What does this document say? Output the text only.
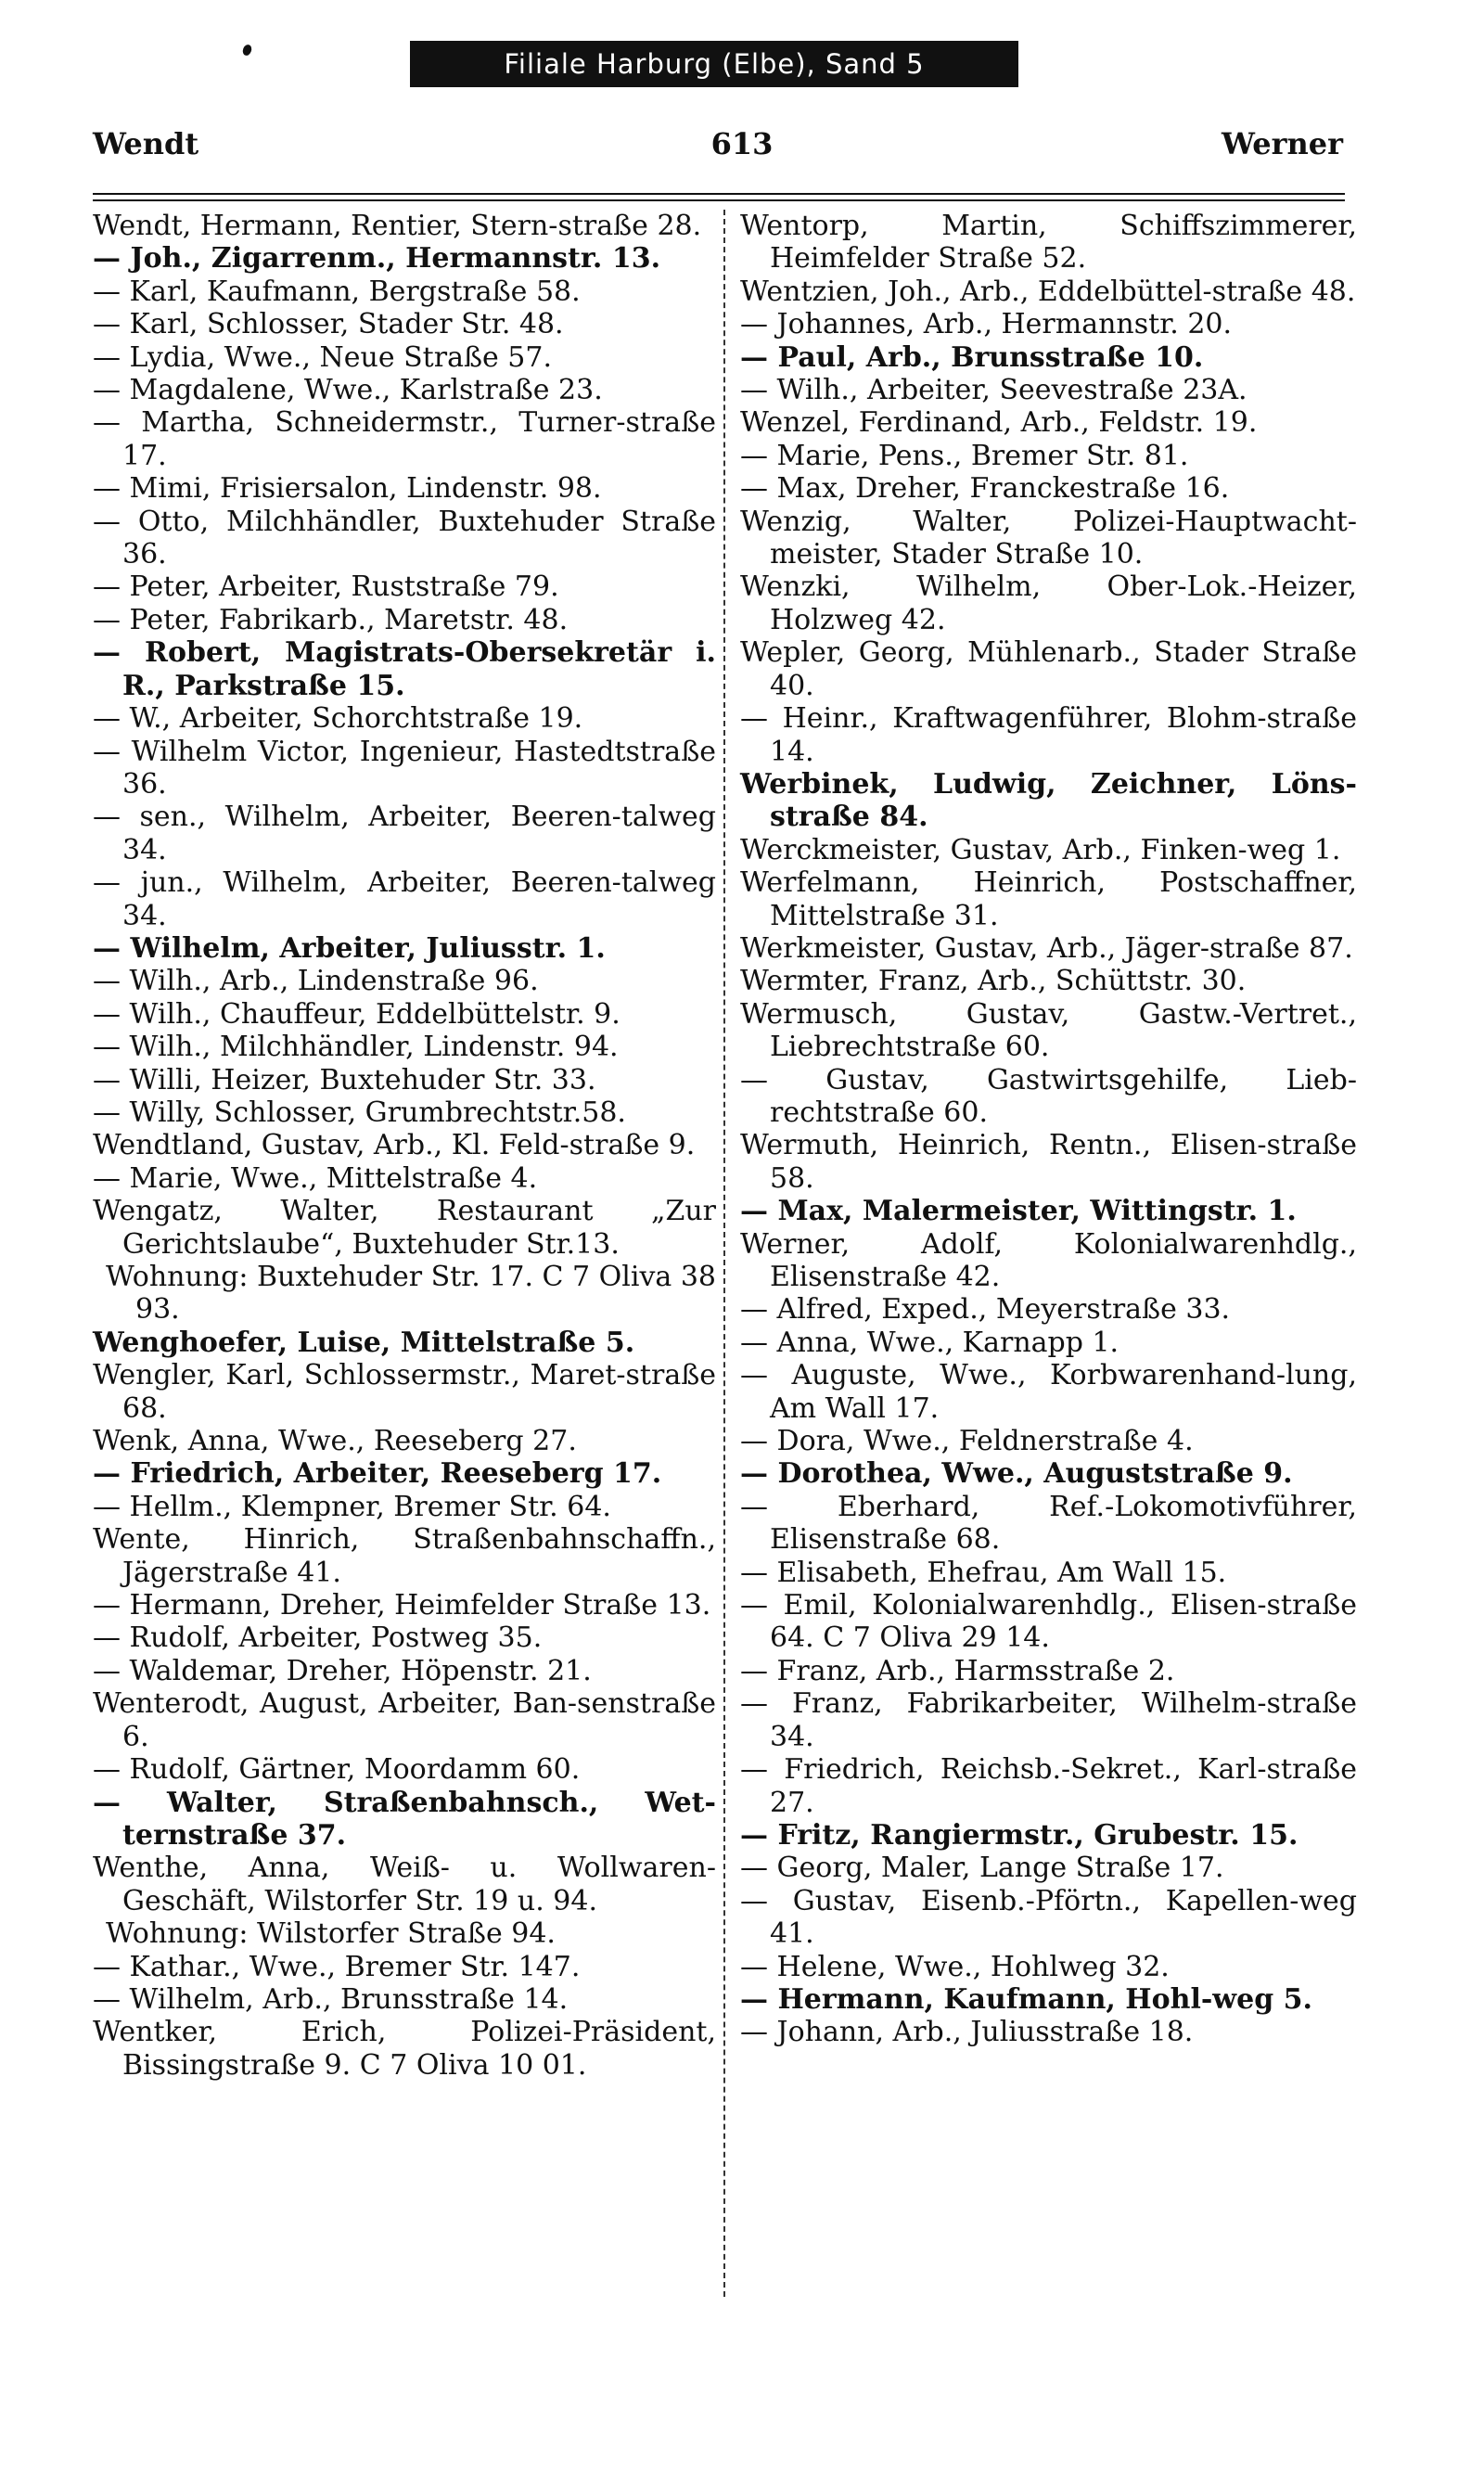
Filiale Harburg (Elbe), Sand 5
Wendt	613	Werner
Wendt, Hermann, Rentier, Stern-straße 28.
— Joh., Zigarrenm., Hermannstr. 13.
— Karl, Kaufmann, Bergstraße 58.
— Karl, Schlosser, Stader Str. 48.
— Lydia, Wwe., Neue Straße 57.
— Magdalene, Wwe., Karlstraße 23.
— Martha, Schneidermstr., Turner-straße 17.
— Mimi, Frisiersalon, Lindenstr. 98.
— Otto, Milchhändler, Buxtehuder Straße 36.
— Peter, Arbeiter, Ruststraße 79.
— Peter, Fabrikarb., Maretstr. 48.
— Robert, Magistrats-Obersekretär i. R., Parkstraße 15.
— W., Arbeiter, Schorchtstraße 19.
— Wilhelm Victor, Ingenieur, Hastedtstraße 36.
— sen., Wilhelm, Arbeiter, Beeren-talweg 34.
— jun., Wilhelm, Arbeiter, Beeren-talweg 34.
— Wilhelm, Arbeiter, Juliusstr. 1.
— Wilh., Arb., Lindenstraße 96.
— Wilh., Chauffeur, Eddelbüttelstr. 9.
— Wilh., Milchhändler, Lindenstr. 94.
— Willi, Heizer, Buxtehuder Str. 33.
— Willy, Schlosser, Grumbrechtstr.58.
Wendtland, Gustav, Arb., Kl. Feld-straße 9.
— Marie, Wwe., Mittelstraße 4.
Wengatz, Walter, Restaurant „Zur Gerichtslaube“, Buxtehuder Str.13.
Wohnung: Buxtehuder Str. 17. C 7 Oliva 38 93.
Wenghoefer, Luise, Mittelstraße 5.
Wengler, Karl, Schlossermstr., Maret-straße 68.
Wenk, Anna, Wwe., Reeseberg 27.
— Friedrich, Arbeiter, Reeseberg 17.
— Hellm., Klempner, Bremer Str. 64.
Wente, Hinrich, Straßenbahnschaffn., Jägerstraße 41.
— Hermann, Dreher, Heimfelder Straße 13.
— Rudolf, Arbeiter, Postweg 35.
— Waldemar, Dreher, Höpenstr. 21.
Wenterodt, August, Arbeiter, Ban-senstraße 6.
— Rudolf, Gärtner, Moordamm 60.
— Walter, Straßenbahnsch., Wet-ternstraße 37.
Wenthe, Anna, Weiß- u. Wollwaren-Geschäft, Wilstorfer Str. 19 u. 94.
Wohnung: Wilstorfer Straße 94.
— Kathar., Wwe., Bremer Str. 147.
— Wilhelm, Arb., Brunsstraße 14.
Wentker, Erich, Polizei-Präsident, Bissingstraße 9. C 7 Oliva 10 01.
Wentorp, Martin, Schiffszimmerer, Heimfelder Straße 52.
Wentzien, Joh., Arb., Eddelbüttel-straße 48.
— Johannes, Arb., Hermannstr. 20.
— Paul, Arb., Brunsstraße 10.
— Wilh., Arbeiter, Seevestraße 23A.
Wenzel, Ferdinand, Arb., Feldstr. 19.
— Marie, Pens., Bremer Str. 81.
— Max, Dreher, Franckestraße 16.
Wenzig, Walter, Polizei-Hauptwacht-meister, Stader Straße 10.
Wenzki, Wilhelm, Ober-Lok.-Heizer, Holzweg 42.
Wepler, Georg, Mühlenarb., Stader Straße 40.
— Heinr., Kraftwagenführer, Blohm-straße 14.
Werbinek, Ludwig, Zeichner, Löns-straße 84.
Werckmeister, Gustav, Arb., Finken-weg 1.
Werfelmann, Heinrich, Postschaffner, Mittelstraße 31.
Werkmeister, Gustav, Arb., Jäger-straße 87.
Wermter, Franz, Arb., Schüttstr. 30.
Wermusch, Gustav, Gastw.-Vertret., Liebrechtstraße 60.
— Gustav, Gastwirtsgehilfe, Lieb-rechtstraße 60.
Wermuth, Heinrich, Rentn., Elisen-straße 58.
— Max, Malermeister, Wittingstr. 1.
Werner, Adolf, Kolonialwarenhdlg., Elisenstraße 42.
— Alfred, Exped., Meyerstraße 33.
— Anna, Wwe., Karnapp 1.
— Auguste, Wwe., Korbwarenhand-lung, Am Wall 17.
— Dora, Wwe., Feldnerstraße 4.
— Dorothea, Wwe., Auguststraße 9.
— Eberhard, Ref.-Lokomotivführer, Elisenstraße 68.
— Elisabeth, Ehefrau, Am Wall 15.
— Emil, Kolonialwarenhdlg., Elisen-straße 64. C 7 Oliva 29 14.
— Franz, Arb., Harmsstraße 2.
— Franz, Fabrikarbeiter, Wilhelm-straße 34.
— Friedrich, Reichsb.-Sekret., Karl-straße 27.
— Fritz, Rangiermstr., Grubestr. 15.
— Georg, Maler, Lange Straße 17.
— Gustav, Eisenb.-Pförtn., Kapellen-weg 41.
— Helene, Wwe., Hohlweg 32.
— Hermann, Kaufmann, Hohl-weg 5.
— Johann, Arb., Juliusstraße 18.
